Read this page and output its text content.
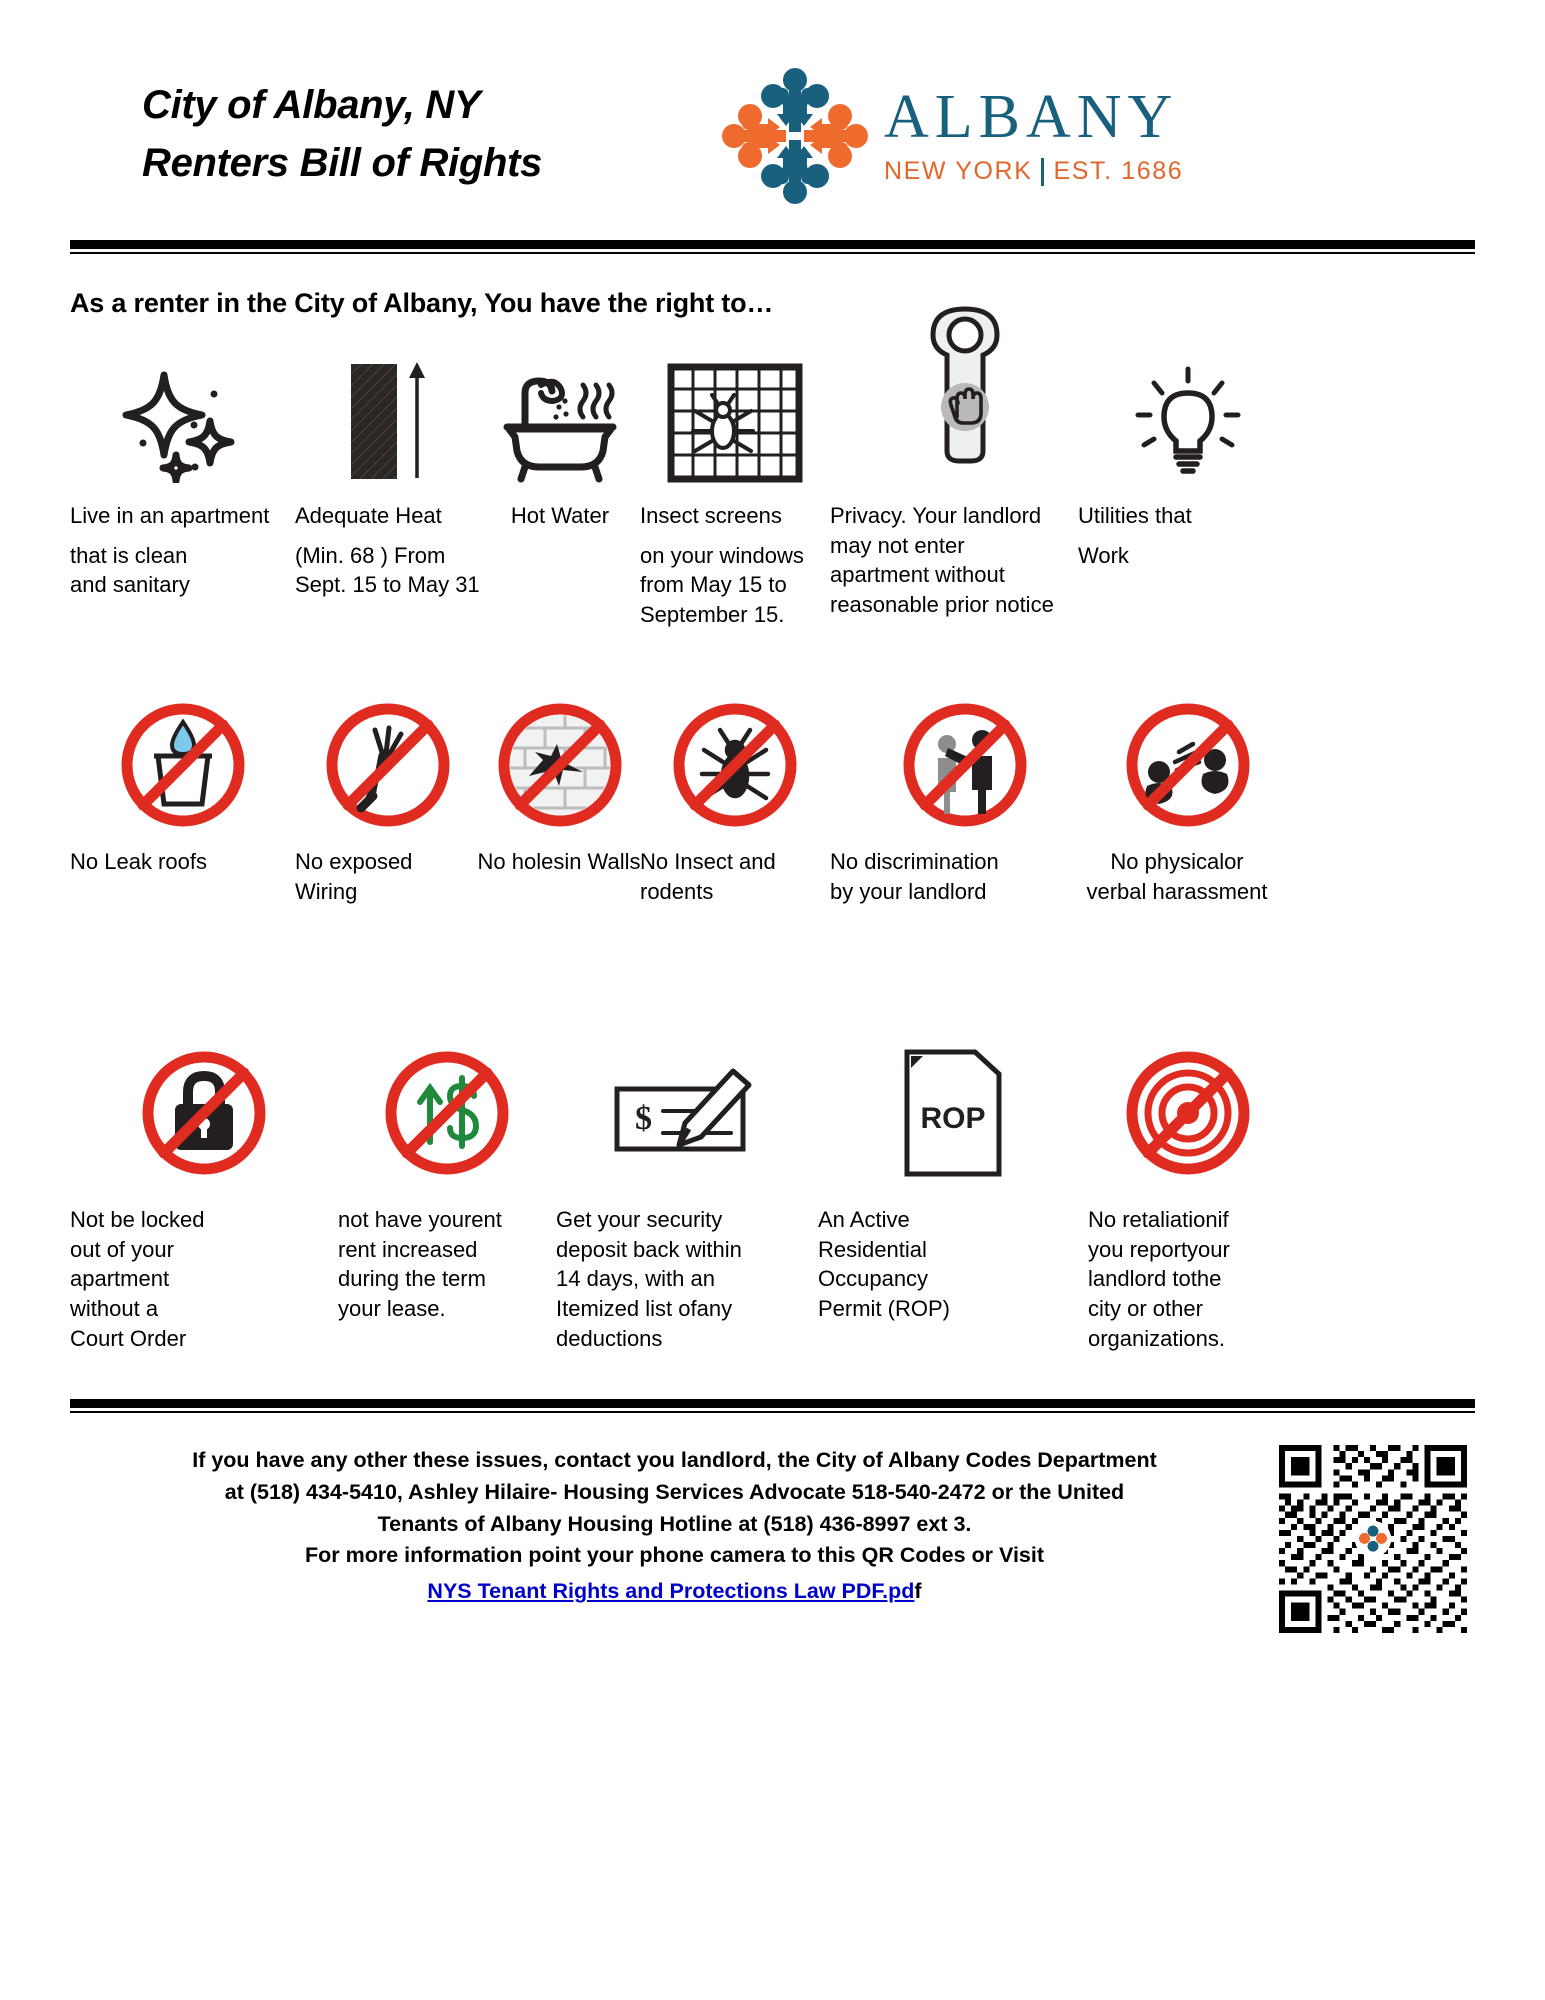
City of Albany, NY
Renters Bill of Rights
ALBANY
NEW YORK EST. 1686
As a renter in the City of Albany, You have the right to…
Live in an apartment
that is clean
and sanitary
Adequate Heat
(Min. 68 ) From
Sept. 15 to May 31
Hot Water	Insect screens
on your windows
from May 15 to
September 15.
Privacy. Your landlord
may not enter
apartment without
reasonable prior notice
Utilities that
Work
No Leak roofs	No exposed
Wiring
No holesin Walls No Insect and
rodents
No discrimination
by your landlord
No physicalor
verbal harassment
Not be locked
out of your
apartment
without a
Court Order
not have yourent
rent increased
during the term
your lease.
$
Get your security
deposit back within
14 days, with an
Itemized list ofany
deductions
ROP
An Active
Residential
Occupancy
Permit (ROP)
No retaliationif
you reportyour
landlord tothe
city or other
organizations.
If you have any other these issues, contact you landlord, the City of Albany Codes Department
at (518) 434-5410, Ashley Hilaire- Housing Services Advocate 518-540-2472 or the United
Tenants of Albany Housing Hotline at (518) 436-8997 ext 3.
For more information point your phone camera to this QR Codes or Visit
NYS Tenant Rights and Protections Law PDF.pdf
